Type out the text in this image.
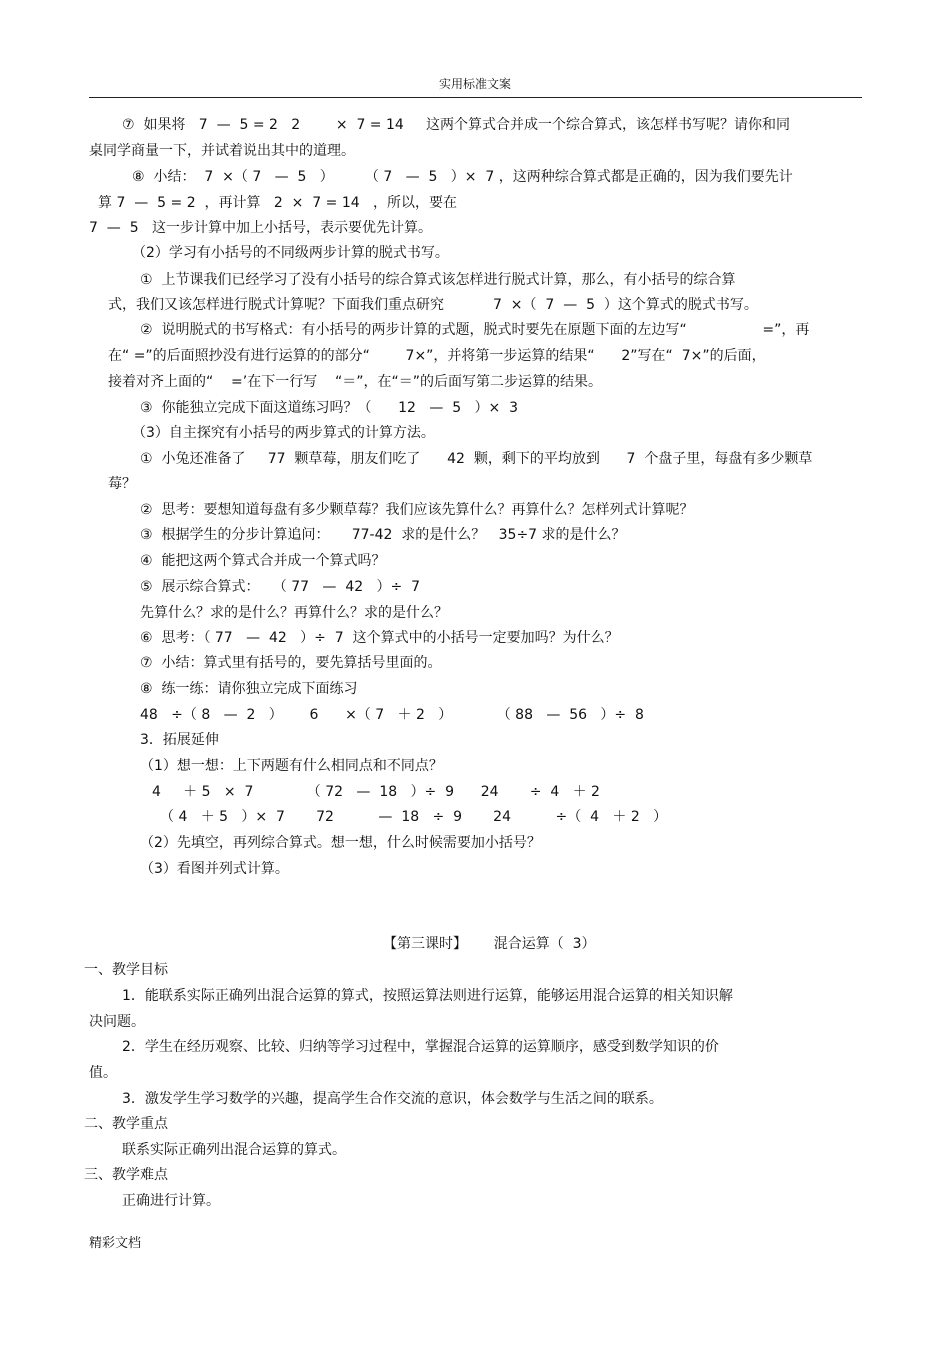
实用标准文案
⑦  如果将   7  —  5 = 2   2        ×  7 = 14     这两个算式合并成一个综合算式，该怎样书写呢？请你和同
桌同学商量一下，并试着说出其中的道理。
⑧  小结：  7  ×（ 7   —  5   ）       （ 7   —  5   ）×  7 ，这两种综合算式都是正确的，因为我们要先计
算 7  —  5 = 2  ，再计算   2  ×  7 = 14   ，所以，要在
7  —  5   这一步计算中加上小括号，表示要优先计算。
（2）学习有小括号的不同级两步计算的脱式书写。
①  上节课我们已经学习了没有小括号的综合算式该怎样进行脱式计算，那么，有小括号的综合算
式，我们又该怎样进行脱式计算呢？下面我们重点研究           7  ×（  7  —  5  ）这个算式的脱式书写。
②  说明脱式的书写格式：有小括号的两步计算的式题，脱式时要先在原题下面的左边写“                 =”，再
在“ =”的后面照抄没有进行运算的的部分“        7×”，并将第一步运算的结果“      2”写在“  7×”的后面，
接着对齐上面的“    =’在下一行写    “＝”，在“＝”的后面写第二步运算的结果。
③  你能独立完成下面这道练习吗？（      12   —  5   ）×  3
（3）自主探究有小括号的两步算式的计算方法。
①  小兔还准备了     77  颗草莓，朋友们吃了      42  颗，剩下的平均放到      7  个盘子里，每盘有多少颗草
莓？
②  思考：要想知道每盘有多少颗草莓？我们应该先算什么？再算什么？怎样列式计算呢？
③  根据学生的分步计算追问：     77-42  求的是什么？   35÷7 求的是什么？
④  能把这两个算式合并成一个算式吗？
⑤  展示综合算式：   （ 77   —  42   ）÷  7
先算什么？求的是什么？再算什么？求的是什么？
⑥  思考：（ 77   —  42   ）÷  7  这个算式中的小括号一定要加吗？为什么？
⑦  小结：算式里有括号的，要先算括号里面的。
⑧  练一练：请你独立完成下面练习
48   ÷（ 8   —  2   ）      6      ×（ 7   ＋ 2   ）          （ 88   —  56   ）÷  8
3．拓展延伸
（1）想一想：上下两题有什么相同点和不同点？
4     ＋ 5   ×  7            （ 72   —  18   ）÷  9      24       ÷  4   ＋ 2
（ 4   ＋ 5   ）×  7       72          —  18   ÷  9       24          ÷（  4   ＋ 2   ）
（2）先填空，再列综合算式。想一想，什么时候需要加小括号？
（3）看图并列式计算。
【第三课时】      混合运算（  3）
一、教学目标
1．能联系实际正确列出混合运算的算式，按照运算法则进行运算，能够运用混合运算的相关知识解
决问题。
2．学生在经历观察、比较、归纳等学习过程中，掌握混合运算的运算顺序，感受到数学知识的价
值。
3．激发学生学习数学的兴趣，提高学生合作交流的意识，体会数学与生活之间的联系。
二、教学重点
联系实际正确列出混合运算的算式。
三、教学难点
正确进行计算。
精彩文档
